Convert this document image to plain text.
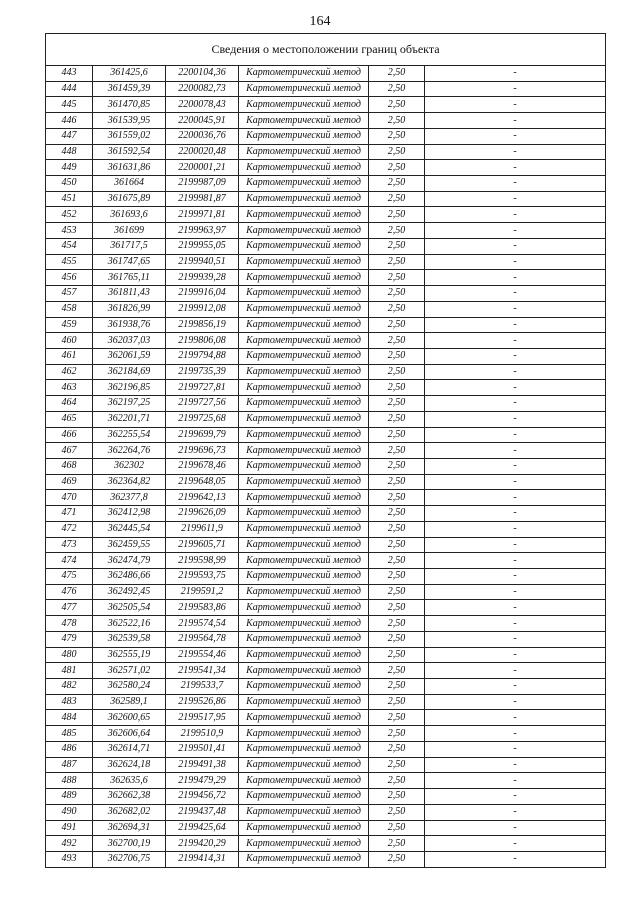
164
Сведения о местоположении границ объекта					
443	361425,6	2200104,36	Картометрический метод	2,50	-
444	361459,39	2200082,73	Картометрический метод	2,50	-
445	361470,85	2200078,43	Картометрический метод	2,50	-
446	361539,95	2200045,91	Картометрический метод	2,50	-
447	361559,02	2200036,76	Картометрический метод	2,50	-
448	361592,54	2200020,48	Картометрический метод	2,50	-
449	361631,86	2200001,21	Картометрический метод	2,50	-
450	361664	2199987,09	Картометрический метод	2,50	-
451	361675,89	2199981,87	Картометрический метод	2,50	-
452	361693,6	2199971,81	Картометрический метод	2,50	-
453	361699	2199963,97	Картометрический метод	2,50	-
454	361717,5	2199955,05	Картометрический метод	2,50	-
455	361747,65	2199940,51	Картометрический метод	2,50	-
456	361765,11	2199939,28	Картометрический метод	2,50	-
457	361811,43	2199916,04	Картометрический метод	2,50	-
458	361826,99	2199912,08	Картометрический метод	2,50	-
459	361938,76	2199856,19	Картометрический метод	2,50	-
460	362037,03	2199806,08	Картометрический метод	2,50	-
461	362061,59	2199794,88	Картометрический метод	2,50	-
462	362184,69	2199735,39	Картометрический метод	2,50	-
463	362196,85	2199727,81	Картометрический метод	2,50	-
464	362197,25	2199727,56	Картометрический метод	2,50	-
465	362201,71	2199725,68	Картометрический метод	2,50	-
466	362255,54	2199699,79	Картометрический метод	2,50	-
467	362264,76	2199696,73	Картометрический метод	2,50	-
468	362302	2199678,46	Картометрический метод	2,50	-
469	362364,82	2199648,05	Картометрический метод	2,50	-
470	362377,8	2199642,13	Картометрический метод	2,50	-
471	362412,98	2199626,09	Картометрический метод	2,50	-
472	362445,54	2199611,9	Картометрический метод	2,50	-
473	362459,55	2199605,71	Картометрический метод	2,50	-
474	362474,79	2199598,99	Картометрический метод	2,50	-
475	362486,66	2199593,75	Картометрический метод	2,50	-
476	362492,45	2199591,2	Картометрический метод	2,50	-
477	362505,54	2199583,86	Картометрический метод	2,50	-
478	362522,16	2199574,54	Картометрический метод	2,50	-
479	362539,58	2199564,78	Картометрический метод	2,50	-
480	362555,19	2199554,46	Картометрический метод	2,50	-
481	362571,02	2199541,34	Картометрический метод	2,50	-
482	362580,24	2199533,7	Картометрический метод	2,50	-
483	362589,1	2199526,86	Картометрический метод	2,50	-
484	362600,65	2199517,95	Картометрический метод	2,50	-
485	362606,64	2199510,9	Картометрический метод	2,50	-
486	362614,71	2199501,41	Картометрический метод	2,50	-
487	362624,18	2199491,38	Картометрический метод	2,50	-
488	362635,6	2199479,29	Картометрический метод	2,50	-
489	362662,38	2199456,72	Картометрический метод	2,50	-
490	362682,02	2199437,48	Картометрический метод	2,50	-
491	362694,31	2199425,64	Картометрический метод	2,50	-
492	362700,19	2199420,29	Картометрический метод	2,50	-
493	362706,75	2199414,31	Картометрический метод	2,50	-
